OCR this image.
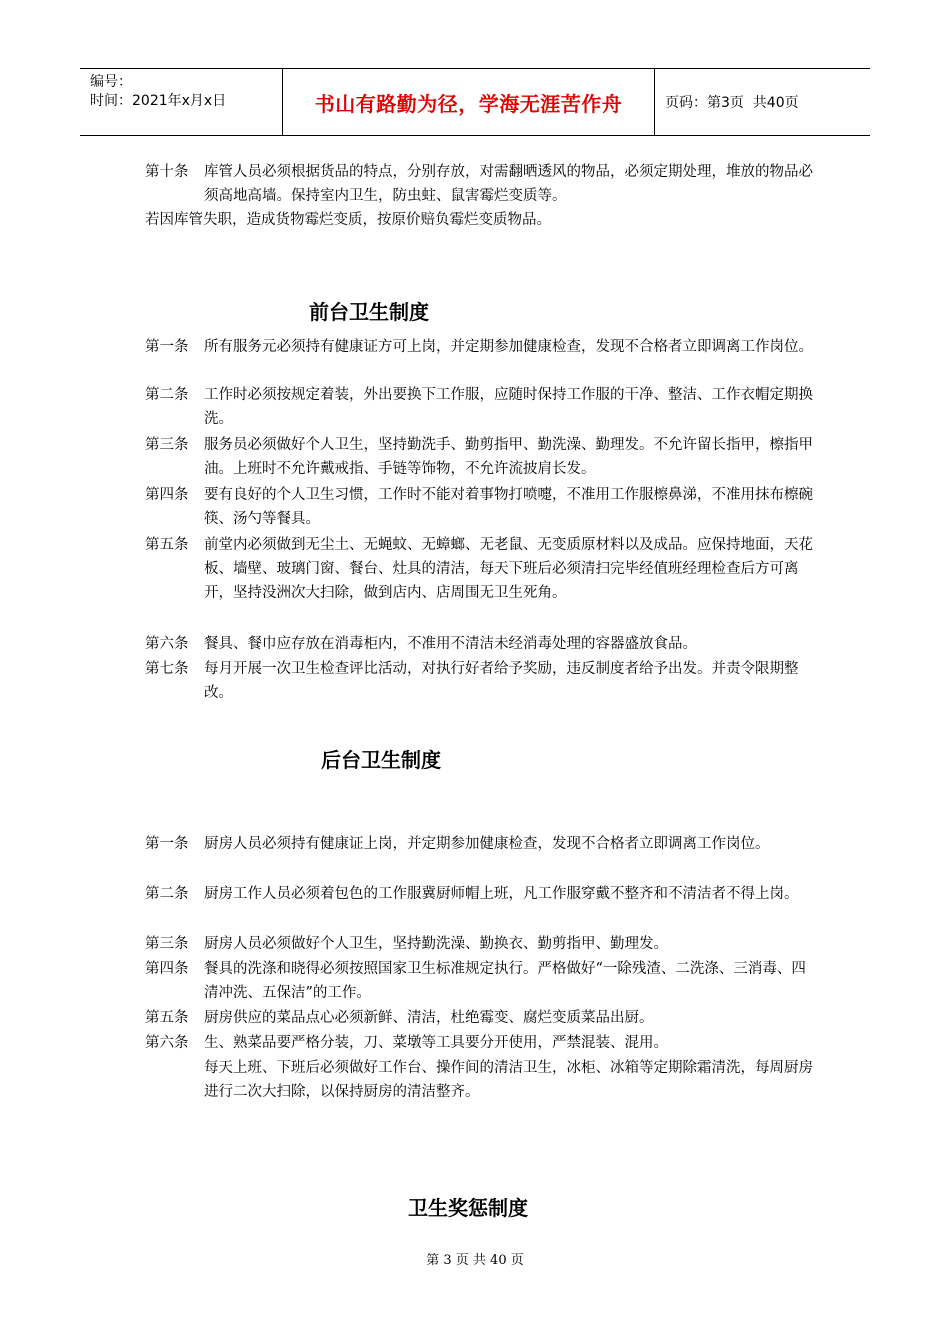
编号：
时间：2021年x月x日	书山有路勤为径，学海无涯苦作舟	页码：第3页  共40页
第十条	库管人员必须根据货品的特点，分别存放，对需翻晒透风的物品，必须定期处理，堆放的物品必须高地高墙。保持室内卫生，防虫蛀、鼠害霉烂变质等。
若因库管失职，造成货物霉烂变质，按原价赔负霉烂变质物品。
前台卫生制度
第一条	所有服务元必须持有健康证方可上岗，并定期参加健康检查，发现不合格者立即调离工作岗位。
第二条	工作时必须按规定着装，外出要换下工作服，应随时保持工作服的干净、整洁、工作衣帽定期换洗。
第三条	服务员必须做好个人卫生，坚持勤洗手、勤剪指甲、勤洗澡、勤理发。不允许留长指甲，檫指甲油。上班时不允许戴戒指、手链等饰物，不允许流披肩长发。
第四条	要有良好的个人卫生习惯，工作时不能对着事物打喷嚏，不准用工作服檫鼻涕，不准用抹布檫碗筷、汤勺等餐具。
第五条	前堂内必须做到无尘土、无蝇蚊、无蟑螂、无老鼠、无变质原材料以及成品。应保持地面，天花板、墙壁、玻璃门窗、餐台、灶具的清洁，每天下班后必须清扫完毕经值班经理检查后方可离开，坚持没洲次大扫除，做到店内、店周围无卫生死角。
第六条	餐具、餐巾应存放在消毒柜内，不准用不清洁未经消毒处理的容器盛放食品。
第七条	每月开展一次卫生检查评比活动，对执行好者给予奖励，违反制度者给予出发。并责令限期整改。
后台卫生制度
第一条	厨房人员必须持有健康证上岗，并定期参加健康检查，发现不合格者立即调离工作岗位。
第二条	厨房工作人员必须着包色的工作服冀厨师帽上班，凡工作服穿戴不整齐和不清洁者不得上岗。
第三条	厨房人员必须做好个人卫生，坚持勤洗澡、勤换衣、勤剪指甲、勤理发。
第四条	餐具的洗涤和晓得必须按照国家卫生标准规定执行。严格做好“一除残渣、二洗涤、三消毒、四清冲洗、五保洁”的工作。
第五条	厨房供应的菜品点心必须新鲜、清洁，杜绝霉变、腐烂变质菜品出厨。
第六条	生、熟菜品要严格分装，刀、菜墩等工具要分开使用，严禁混装、混用。
每天上班、下班后必须做好工作台、操作间的清洁卫生，冰柜、冰箱等定期除霜清洗，每周厨房进行二次大扫除，以保持厨房的清洁整齐。
卫生奖惩制度
第 3 页 共 40 页
